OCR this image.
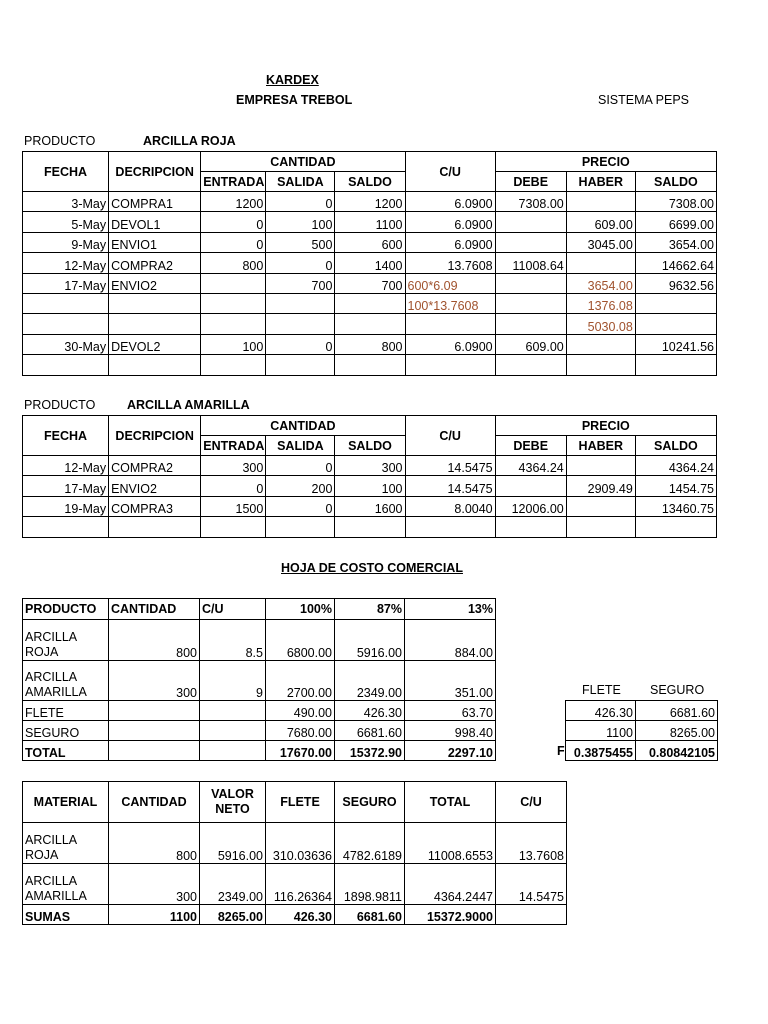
KARDEX
EMPRESA TREBOL	SISTEMA PEPS
PRODUCTO	ARCILLA ROJA
FECHA	DECRIPCION	CANTIDAD			C/U	PRECIO		
		ENTRADA	SALIDA	SALDO		DEBE	HABER	SALDO
3-May	COMPRA1	1200	0	1200	6.0900	7308.00		7308.00
5-May	DEVOL1	0	100	1100	6.0900		609.00	6699.00
9-May	ENVIO1	0	500	600	6.0900		3045.00	3654.00
12-May	COMPRA2	800	0	1400	13.7608	11008.64		14662.64
17-May	ENVIO2		700	700	600*6.09		3654.00	9632.56
					100*13.7608		1376.08	
							5030.08	
30-May	DEVOL2	100	0	800	6.0900	609.00		10241.56

PRODUCTO	ARCILLA AMARILLA
FECHA	DECRIPCION	CANTIDAD			C/U	PRECIO		
		ENTRADA	SALIDA	SALDO		DEBE	HABER	SALDO
12-May	COMPRA2	300	0	300	14.5475	4364.24		4364.24
17-May	ENVIO2	0	200	100	14.5475		2909.49	1454.75
19-May	COMPRA3	1500	0	1600	8.0040	12006.00		13460.75

HOJA DE COSTO COMERCIAL
PRODUCTO	CANTIDAD	C/U	100%	87%	13%
ARCILLA ROJA	800	8.5	6800.00	5916.00	884.00
ARCILLA AMARILLA	300	9	2700.00	2349.00	351.00
FLETE			490.00	426.30	63.70
SEGURO			7680.00	6681.60	998.40
TOTAL			17670.00	15372.90	2297.10
FLETE SEGURO
F
426.30	6681.60
1100	8265.00
0.3875455	0.80842105
MATERIAL	CANTIDAD	VALOR NETO	FLETE	SEGURO	TOTAL	C/U
ARCILLA ROJA	800	5916.00	310.03636	4782.6189	11008.6553	13.7608
ARCILLA AMARILLA	300	2349.00	116.26364	1898.9811	4364.2447	14.5475
SUMAS	1100	8265.00	426.30	6681.60	15372.9000	
